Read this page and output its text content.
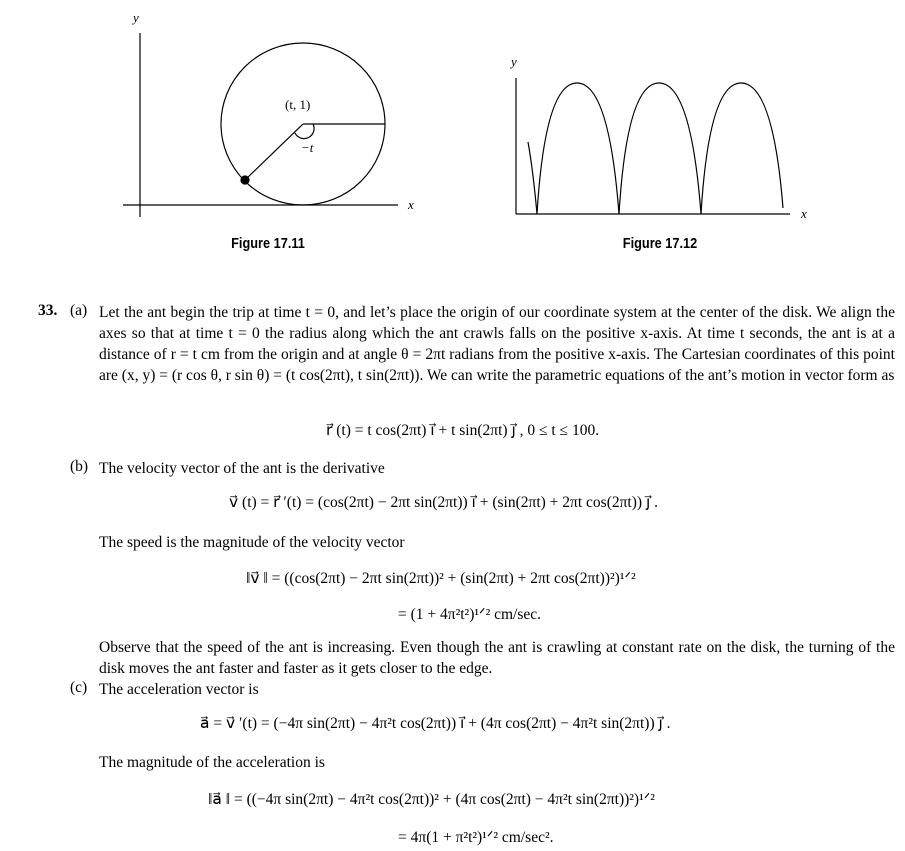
y
x
(t, 1)
−t
Figure 17.11
y
x
Figure 17.12
33. (a) Let the ant begin the trip at time t = 0, and let’s place the origin of our coordinate system at the center of the disk. We align the axes so that at time t = 0 the radius along which the ant crawls falls on the positive x-axis. At time t seconds, the ant is at a distance of r = t cm from the origin and at angle θ = 2πt radians from the positive x-axis. The Cartesian coordinates of this point are (x, y) = (r cos θ, r sin θ) = (t cos(2πt), t sin(2πt)). We can write the parametric equations of the ant’s motion in vector form as
r⃗ (t) = t cos(2πt) i⃗ + t sin(2πt) j⃗ , 0 ≤ t ≤ 100.
(b) The velocity vector of the ant is the derivative
v⃗ (t) = r⃗ ′(t) = (cos(2πt) − 2πt sin(2πt)) i⃗ + (sin(2πt) + 2πt cos(2πt)) j⃗ .
The speed is the magnitude of the velocity vector
‖v⃗ ‖ = ((cos(2πt) − 2πt sin(2πt))² + (sin(2πt) + 2πt cos(2πt))²)¹ᐟ²
= (1 + 4π²t²)¹ᐟ² cm/sec.
Observe that the speed of the ant is increasing. Even though the ant is crawling at constant rate on the disk, the turning of the disk moves the ant faster and faster as it gets closer to the edge.
(c) The acceleration vector is
a⃗ = v⃗ ′(t) = (−4π sin(2πt) − 4π²t cos(2πt)) i⃗ + (4π cos(2πt) − 4π²t sin(2πt)) j⃗ .
The magnitude of the acceleration is
‖a⃗ ‖ = ((−4π sin(2πt) − 4π²t cos(2πt))² + (4π cos(2πt) − 4π²t sin(2πt))²)¹ᐟ²
= 4π(1 + π²t²)¹ᐟ² cm/sec².
